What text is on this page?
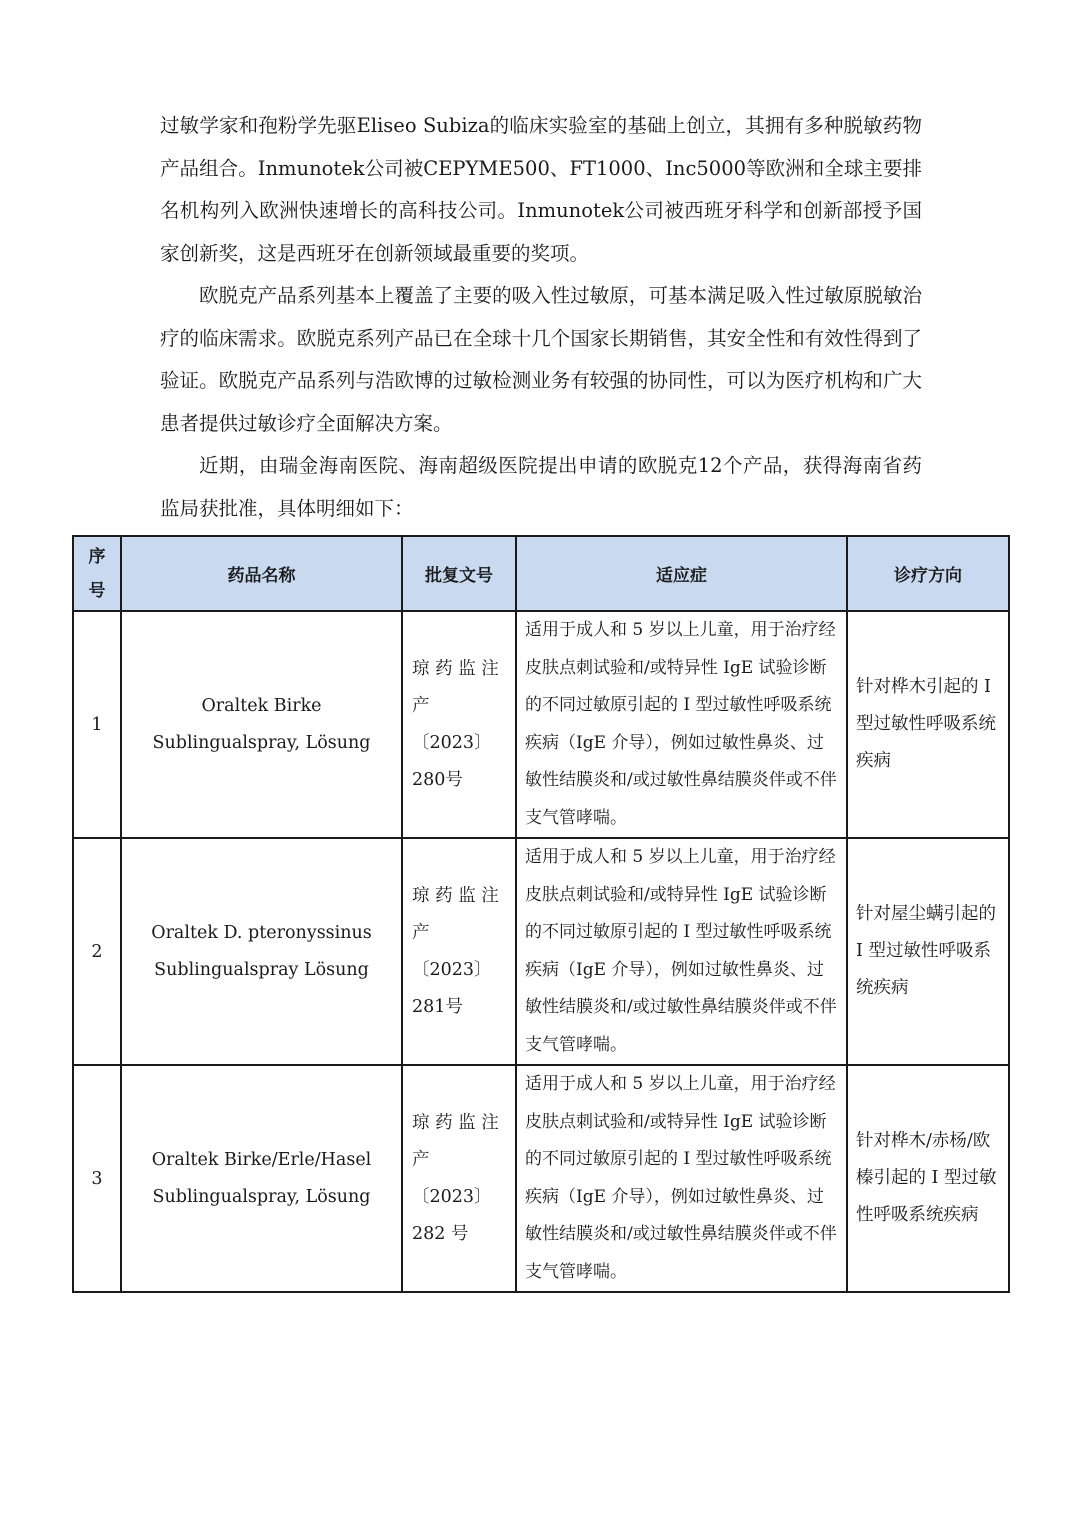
过敏学家和孢粉学先驱Eliseo Subiza的临床实验室的基础上创立，其拥有多种脱敏药物产品组合。Inmunotek公司被CEPYME500、FT1000、Inc5000等欧洲和全球主要排名机构列入欧洲快速增长的高科技公司。Inmunotek公司被西班牙科学和创新部授予国家创新奖，这是西班牙在创新领域最重要的奖项。

欧脱克产品系列基本上覆盖了主要的吸入性过敏原，可基本满足吸入性过敏原脱敏治疗的临床需求。欧脱克系列产品已在全球十几个国家长期销售，其安全性和有效性得到了验证。欧脱克产品系列与浩欧博的过敏检测业务有较强的协同性，可以为医疗机构和广大患者提供过敏诊疗全面解决方案。

近期，由瑞金海南医院、海南超级医院提出申请的欧脱克12个产品，获得海南省药监局获批准，具体明细如下：

序
号	药品名称	批复文号	适应症	诊疗方向
1	Oraltek Birke
Sublingualspray, Lösung	琼药监注
产〔2023〕
280号	适用于成人和 5 岁以上儿童，用于治疗经皮肤点刺试验和/或特异性 IgE 试验诊断的不同过敏原引起的 I 型过敏性呼吸系统疾病（IgE 介导），例如过敏性鼻炎、过敏性结膜炎和/或过敏性鼻结膜炎伴或不伴支气管哮喘。	针对桦木引起的 I 型过敏性呼吸系统疾病
2	Oraltek D. pteronyssinus
Sublingualspray Lösung	琼药监注
产〔2023〕
281号	适用于成人和 5 岁以上儿童，用于治疗经皮肤点刺试验和/或特异性 IgE 试验诊断的不同过敏原引起的 I 型过敏性呼吸系统疾病（IgE 介导），例如过敏性鼻炎、过敏性结膜炎和/或过敏性鼻结膜炎伴或不伴支气管哮喘。	针对屋尘螨引起的 I 型过敏性呼吸系统疾病
3	Oraltek Birke/Erle/Hasel
Sublingualspray, Lösung	琼药监注
产〔2023〕
282 号	适用于成人和 5 岁以上儿童，用于治疗经皮肤点刺试验和/或特异性 IgE 试验诊断的不同过敏原引起的 I 型过敏性呼吸系统疾病（IgE 介导），例如过敏性鼻炎、过敏性结膜炎和/或过敏性鼻结膜炎伴或不伴支气管哮喘。	针对桦木/赤杨/欧榛引起的 I 型过敏性呼吸系统疾病
